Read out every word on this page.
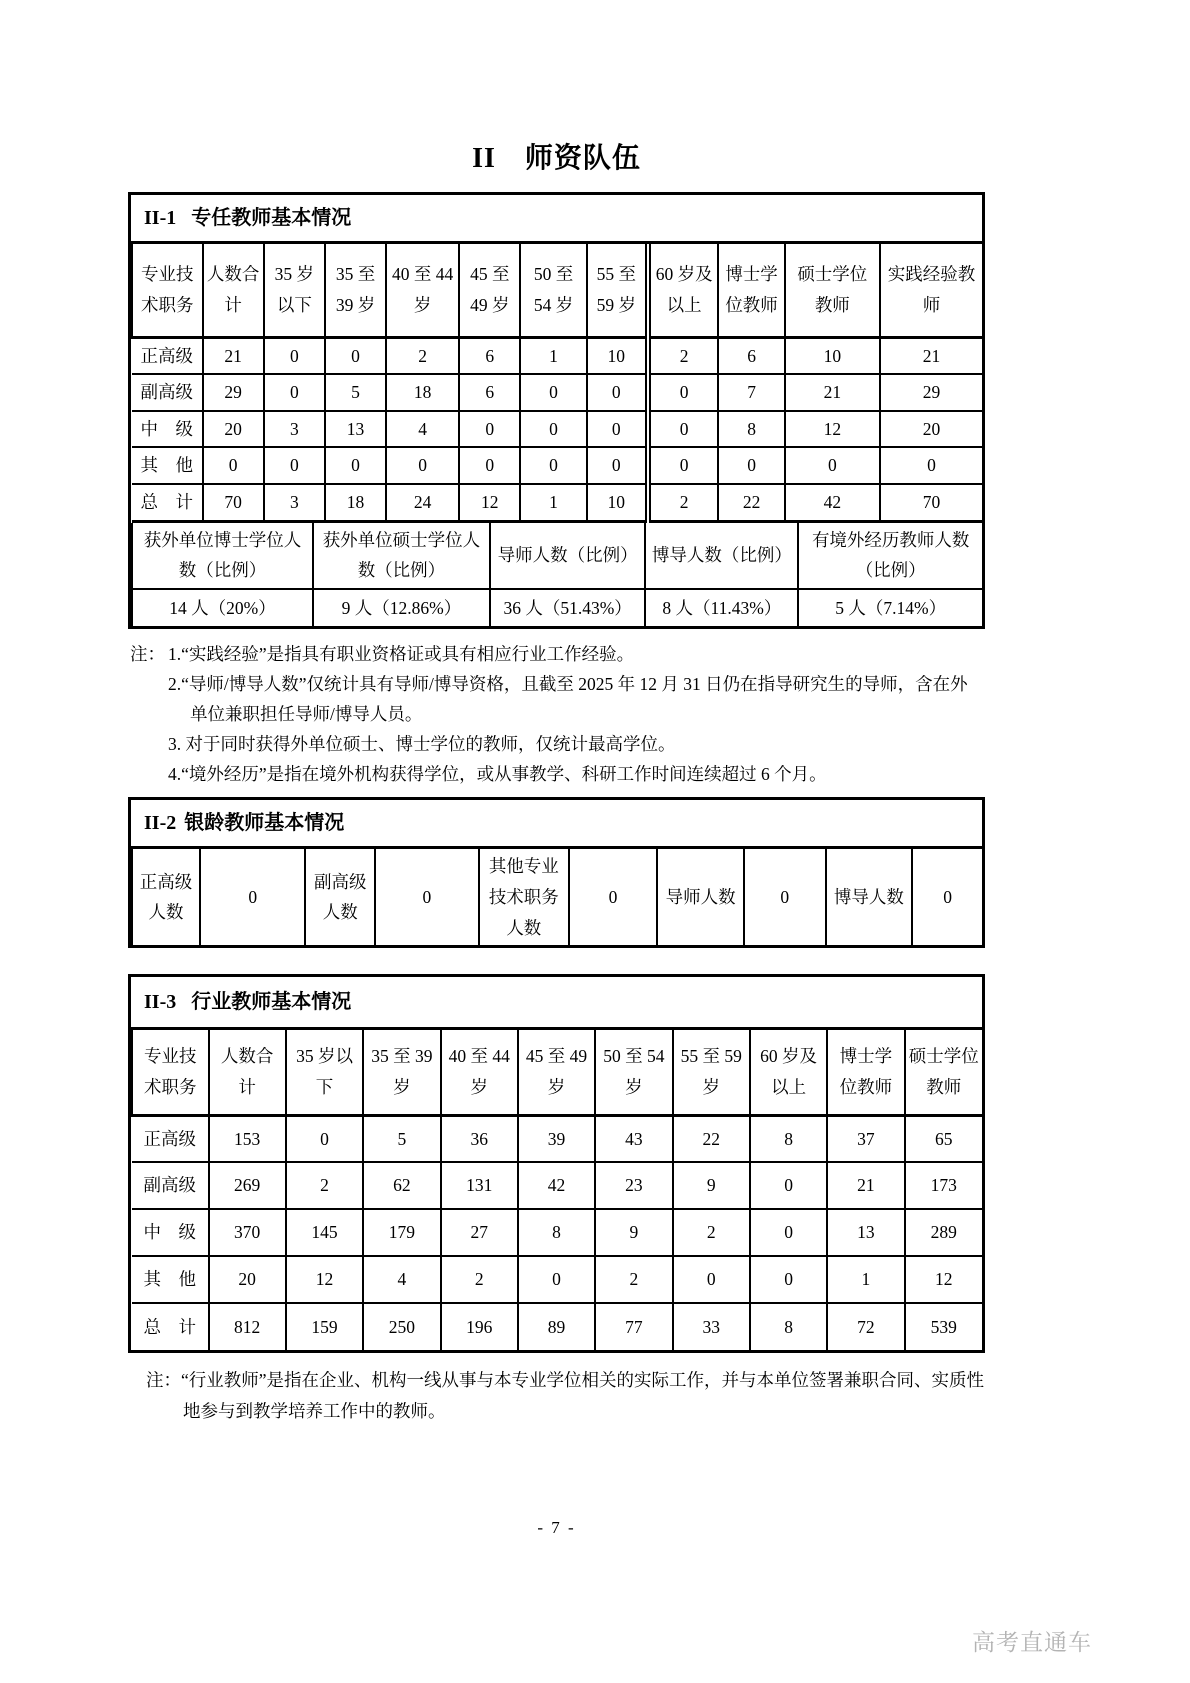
II　师资队伍
II-1 专任教师基本情况
专业技术职务	人数合计	35 岁以下	35 至 39 岁	40 至 44 岁	45 至 49 岁	50 至 54 岁	55 至 59 岁	60 岁及以上	博士学位教师	硕士学位教师	实践经验教师
正高级	21	0	0	2	6	1	10	2	6	10	21
副高级	29	0	5	18	6	0	0	0	7	21	29
中　级	20	3	13	4	0	0	0	0	8	12	20
其　他	0	0	0	0	0	0	0	0	0	0	0
总　计	70	3	18	24	12	1	10	2	22	42	70
获外单位博士学位人数（比例）	获外单位硕士学位人数（比例）	导师人数（比例）	博导人数（比例）	有境外经历教师人数（比例）
14 人（20%）	9 人（12.86%）	36 人（51.43%）	8 人（11.43%）	5 人（7.14%）
注： 1.“实践经验”是指具有职业资格证或具有相应行业工作经验。

2.“导师/博导人数”仅统计具有导师/博导资格，且截至 2025 年 12 月 31 日仍在指导研究生的导师，含在外单位兼职担任导师/博导人员。

3. 对于同时获得外单位硕士、博士学位的教师，仅统计最高学位。

4.“境外经历”是指在境外机构获得学位，或从事教学、科研工作时间连续超过 6 个月。

II-2 银龄教师基本情况
正高级人数	0	副高级人数	0	其他专业技术职务人数	0	导师人数	0	博导人数	0
II-3 行业教师基本情况
专业技术职务	人数合计	35 岁以下	35 至 39 岁	40 至 44 岁	45 至 49 岁	50 至 54 岁	55 至 59 岁	60 岁及以上	博士学位教师	硕士学位教师
正高级	153	0	5	36	39	43	22	8	37	65
副高级	269	2	62	131	42	23	9	0	21	173
中　级	370	145	179	27	8	9	2	0	13	289
其　他	20	12	4	2	0	2	0	0	1	12
总　计	812	159	250	196	89	77	33	8	72	539

注：“行业教师”是指在企业、机构一线从事与本专业学位相关的实际工作，并与本单位签署兼职合同、实质性地参与到教学培养工作中的教师。

- 7 -

高考直通车
